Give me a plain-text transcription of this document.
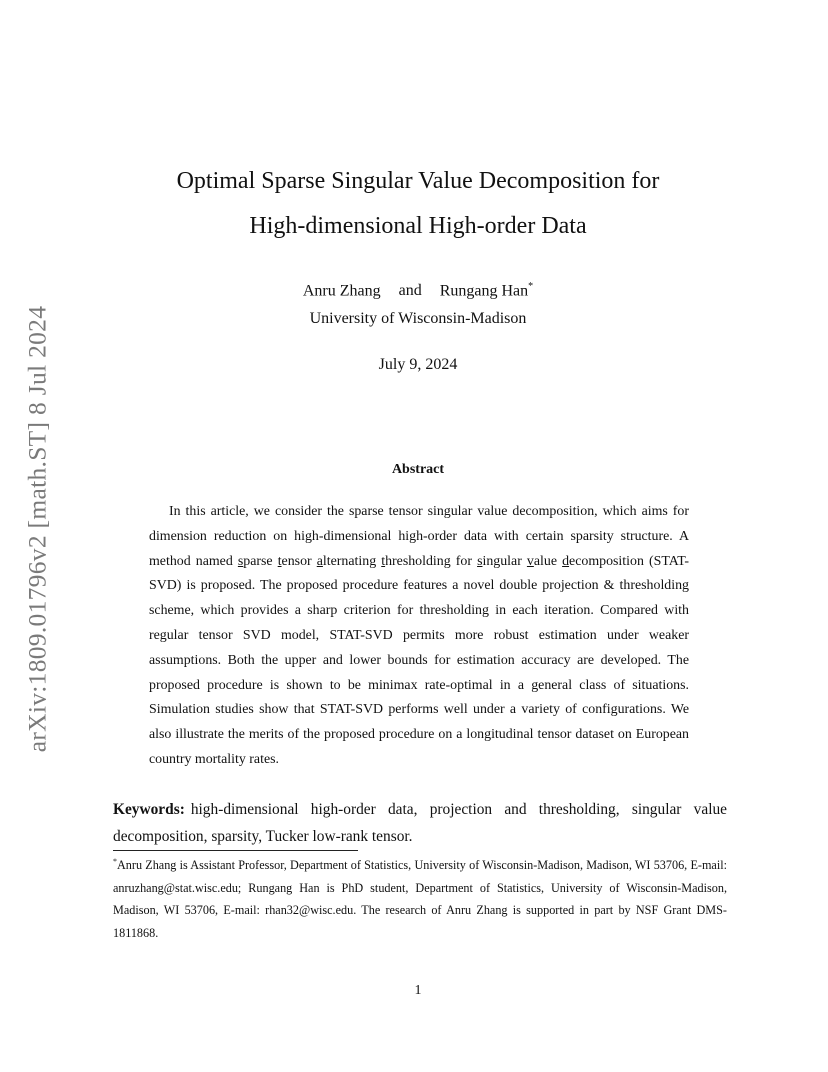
arXiv:1809.01796v2 [math.ST] 8 Jul 2024
Optimal Sparse Singular Value Decomposition for
High-dimensional High-order Data
Anru Zhang and Rungang Han*
University of Wisconsin-Madison
July 9, 2024
Abstract

In this article, we consider the sparse tensor singular value decomposition, which aims for dimension reduction on high-dimensional high-order data with certain sparsity structure. A method named sparse tensor alternating thresholding for singular value decomposition (STAT-SVD) is proposed. The proposed procedure features a novel double projection & thresholding scheme, which provides a sharp criterion for thresholding in each iteration. Compared with regular tensor SVD model, STAT-SVD permits more robust estimation under weaker assumptions. Both the upper and lower bounds for estimation accuracy are developed. The proposed procedure is shown to be minimax rate-optimal in a general class of situations. Simulation studies show that STAT-SVD performs well under a variety of configurations. We also illustrate the merits of the proposed procedure on a longitudinal tensor dataset on European country mortality rates.

Keywords: high-dimensional high-order data, projection and thresholding, singular value decomposition, sparsity, Tucker low-rank tensor.

*Anru Zhang is Assistant Professor, Department of Statistics, University of Wisconsin-Madison, Madison, WI 53706, E-mail: anruzhang@stat.wisc.edu; Rungang Han is PhD student, Department of Statistics, University of Wisconsin-Madison, Madison, WI 53706, E-mail: rhan32@wisc.edu. The research of Anru Zhang is supported in part by NSF Grant DMS-1811868.

1
